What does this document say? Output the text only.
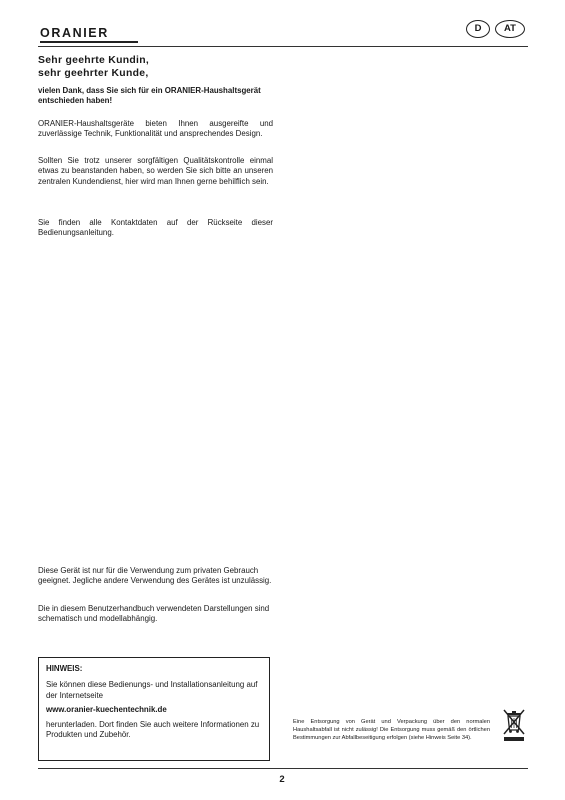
ORANIER	D	AT

Sehr geehrte Kundin,

sehr geehrter Kunde,

vielen Dank, dass Sie sich für ein ORANIER-Haushaltsgerät entschieden haben!

ORANIER-Haushaltsgeräte bieten Ihnen ausgereifte und zuverlässige Technik, Funktionalität und ansprechendes Design.

Sollten Sie trotz unserer sorgfältigen Qualitätskontrolle einmal etwas zu beanstanden haben, so werden Sie sich bitte an unseren zentralen Kundendienst, hier wird man Ihnen gerne behilflich sein.

Sie finden alle Kontaktdaten auf der Rückseite dieser Bedienungsanleitung.

Diese Gerät ist nur für die Verwendung zum privaten Gebrauch geeignet. Jegliche andere Verwendung des Gerätes ist unzulässig.

Die in diesem Benutzerhandbuch verwendeten Darstellungen sind schematisch und modellabhängig.

HINWEIS:

Sie können diese Bedienungs- und Installationsanleitung auf der Internetseite

www.oranier-kuechentechnik.de

herunterladen. Dort finden Sie auch weitere Informationen zu Produkten und Zubehör.

Eine Entsorgung von Gerät und Verpackung über den normalen Haushaltsabfall ist nicht zulässig! Die Entsorgung muss gemäß den örtlichen Bestimmungen zur Abfallbeseitigung erfolgen (siehe Hinweis Seite 34).

2
